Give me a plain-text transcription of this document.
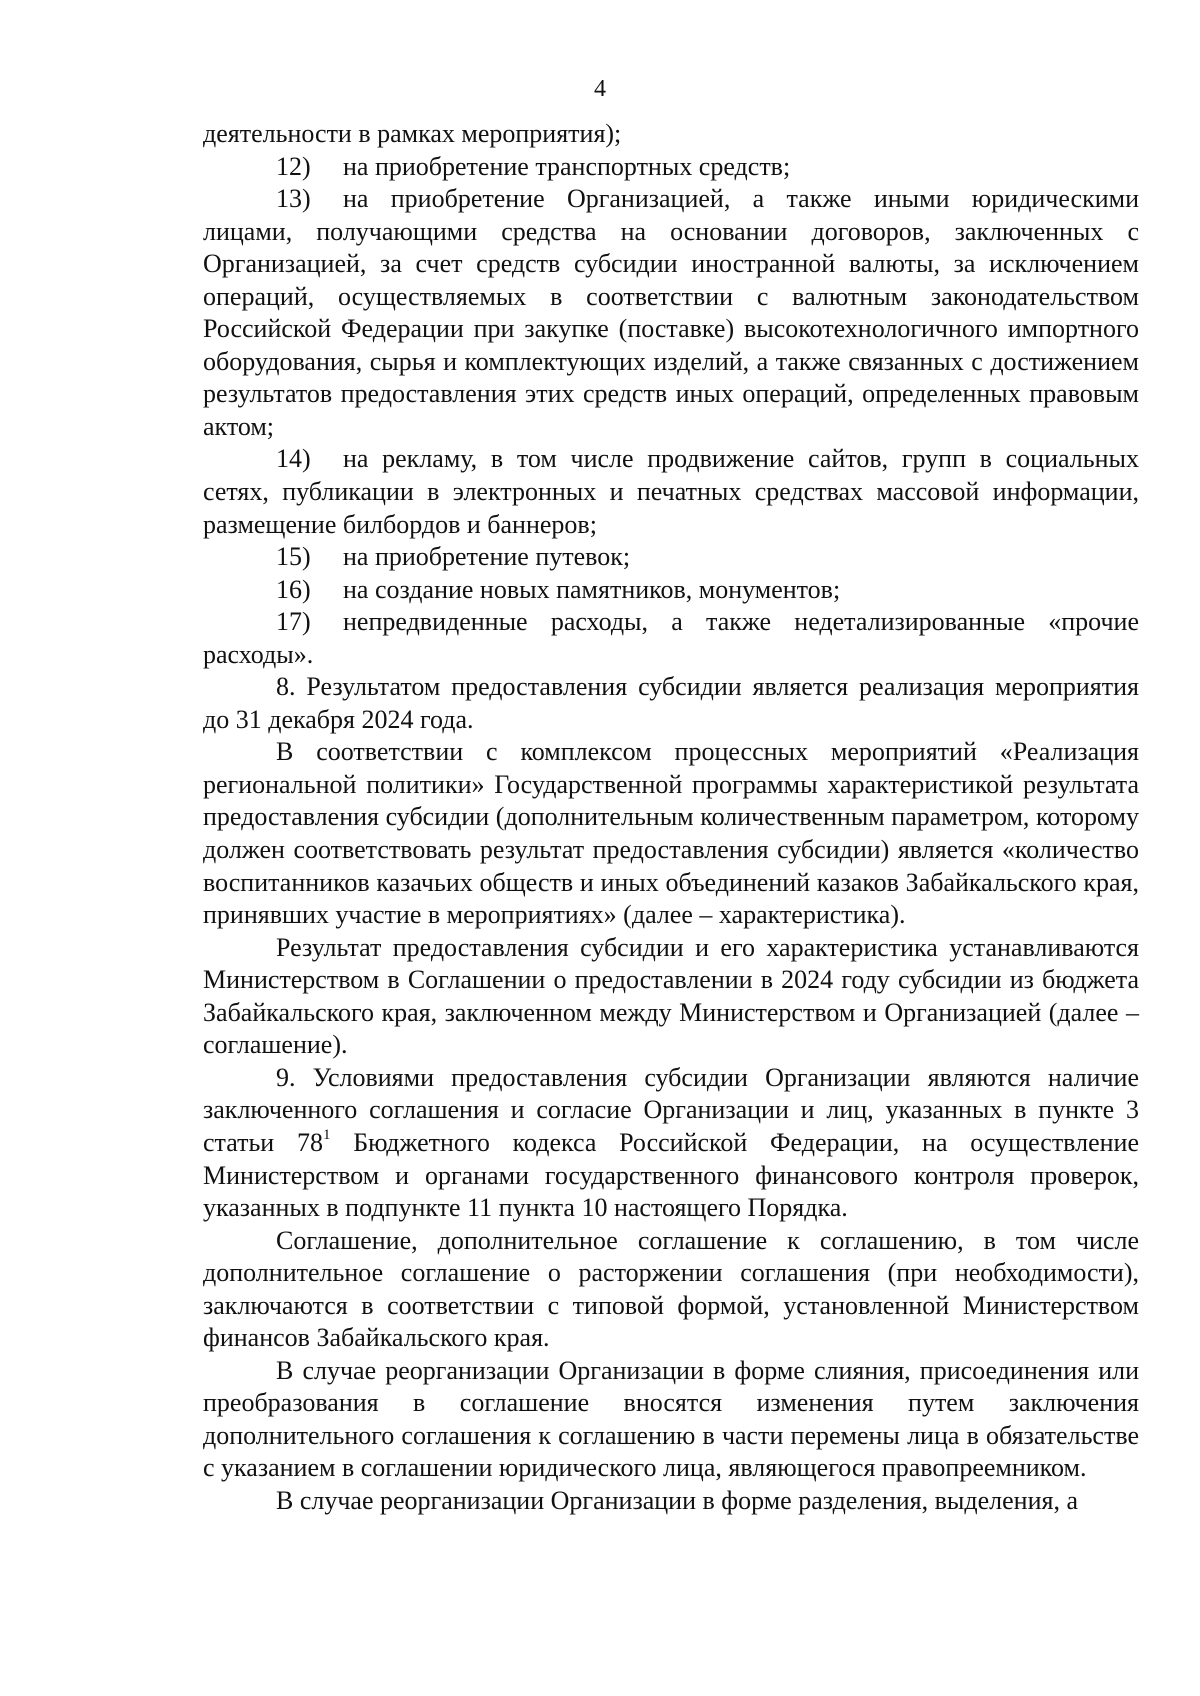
4

деятельности в рамках мероприятия);

12)	на приобретение транспортных средств;
13)	на приобретение Организацией, а также иными юридическими
лицами, получающими средства на основании договоров, заключенных с Организацией, за счет средств субсидии иностранной валюты, за исключением операций, осуществляемых в соответствии с валютным законодательством Российской Федерации при закупке (поставке) высокотехнологичного импортного оборудования, сырья и комплектующих изделий, а также связанных с достижением результатов предоставления этих средств иных операций, определенных правовым актом;
14)	на рекламу, в том числе продвижение сайтов, групп в социальных
сетях, публикации в электронных и печатных средствах массовой информации, размещение билбордов и баннеров;
15)	на приобретение путевок;
16)	на создание новых памятников, монументов;
17)	непредвиденные расходы, а также недетализированные «прочие
расходы».

8. Результатом предоставления субсидии является реализация мероприятия до 31 декабря 2024 года.

В соответствии с комплексом процессных мероприятий «Реализация региональной политики» Государственной программы характеристикой результата предоставления субсидии (дополнительным количественным параметром, которому должен соответствовать результат предоставления субсидии) является «количество воспитанников казачьих обществ и иных объединений казаков Забайкальского края, принявших участие в мероприятиях» (далее – характеристика).

Результат предоставления субсидии и его характеристика устанавливаются Министерством в Соглашении о предоставлении в 2024 году субсидии из бюджета Забайкальского края, заключенном между Министерством и Организацией (далее – соглашение).

9. Условиями предоставления субсидии Организации являются наличие заключенного соглашения и согласие Организации и лиц, указанных в пункте 3 статьи $78^1$ Бюджетного кодекса Российской Федерации, на осуществление Министерством и органами государственного финансового контроля проверок, указанных в подпункте 11 пункта 10 настоящего Порядка.

Соглашение, дополнительное соглашение к соглашению, в том числе дополнительное соглашение о расторжении соглашения (при необходимости), заключаются в соответствии с типовой формой, установленной Министерством финансов Забайкальского края.

В случае реорганизации Организации в форме слияния, присоединения или преобразования в соглашение вносятся изменения путем заключения дополнительного соглашения к соглашению в части перемены лица в обязательстве с указанием в соглашении юридического лица, являющегося правопреемником.

В случае реорганизации Организации в форме разделения, выделения, а
